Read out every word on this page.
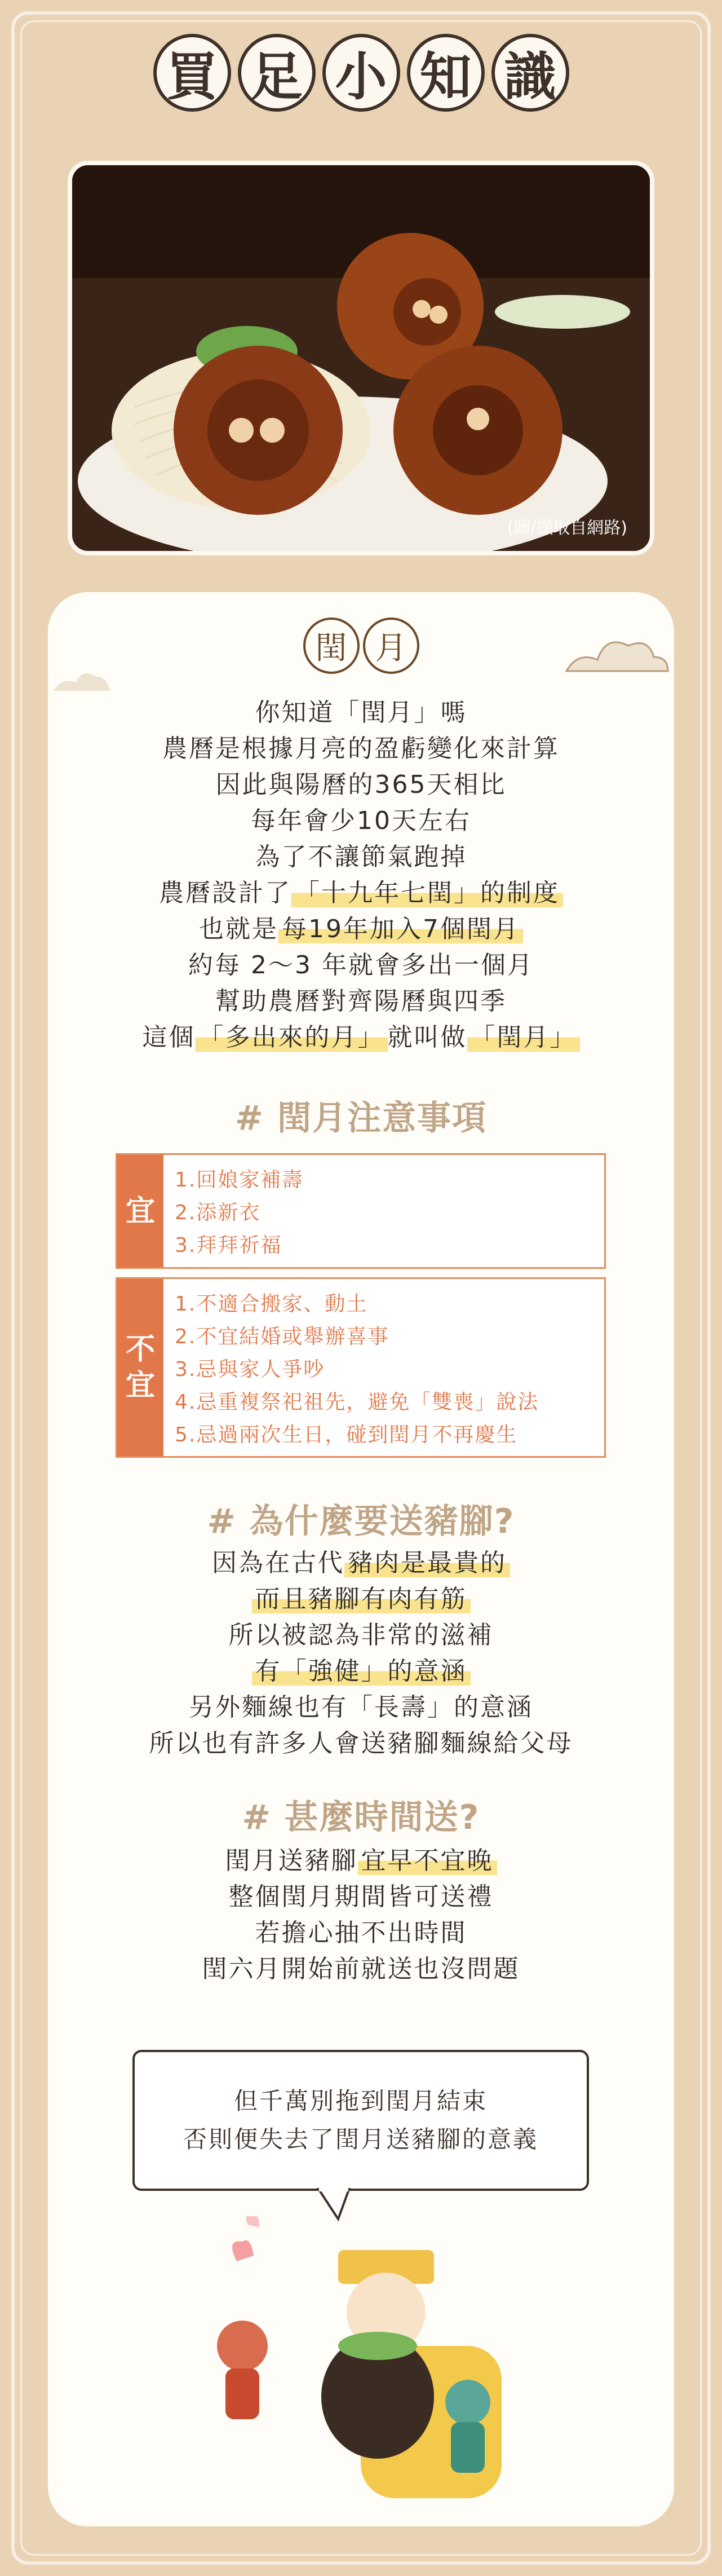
買 足 小 知 識
(圖/擷取自網路)
閏 月

你知道「閏月」嗎

農曆是根據月亮的盈虧變化來計算

因此與陽曆的365天相比

每年會少10天左右

為了不讓節氣跑掉

農曆設計了 「十九年七閏」的制度

也就是 每19年加入7個閏月

約每 2～3 年就會多出一個月

幫助農曆對齊陽曆與四季

這個 「多出來的月」 就叫做 「閏月」

# 閏月注意事項
宜
1.回娘家補壽
2.添新衣
3.拜拜祈福
不
宜
1.不適合搬家、動土
2.不宜結婚或舉辦喜事
3.忌與家人爭吵
4.忌重複祭祀祖先，避免「雙喪」說法
5.忌過兩次生日，碰到閏月不再慶生
# 為什麼要送豬腳?

因為在古代 豬肉是最貴的

而且豬腳有肉有筋

所以被認為非常的滋補

有「強健」的意涵

另外麵線也有「長壽」的意涵

所以也有許多人會送豬腳麵線給父母

# 甚麼時間送?

閏月送豬腳 宜早不宜晚

整個閏月期間皆可送禮

若擔心抽不出時間

閏六月開始前就送也沒問題

但千萬別拖到閏月結束

否則便失去了閏月送豬腳的意義
